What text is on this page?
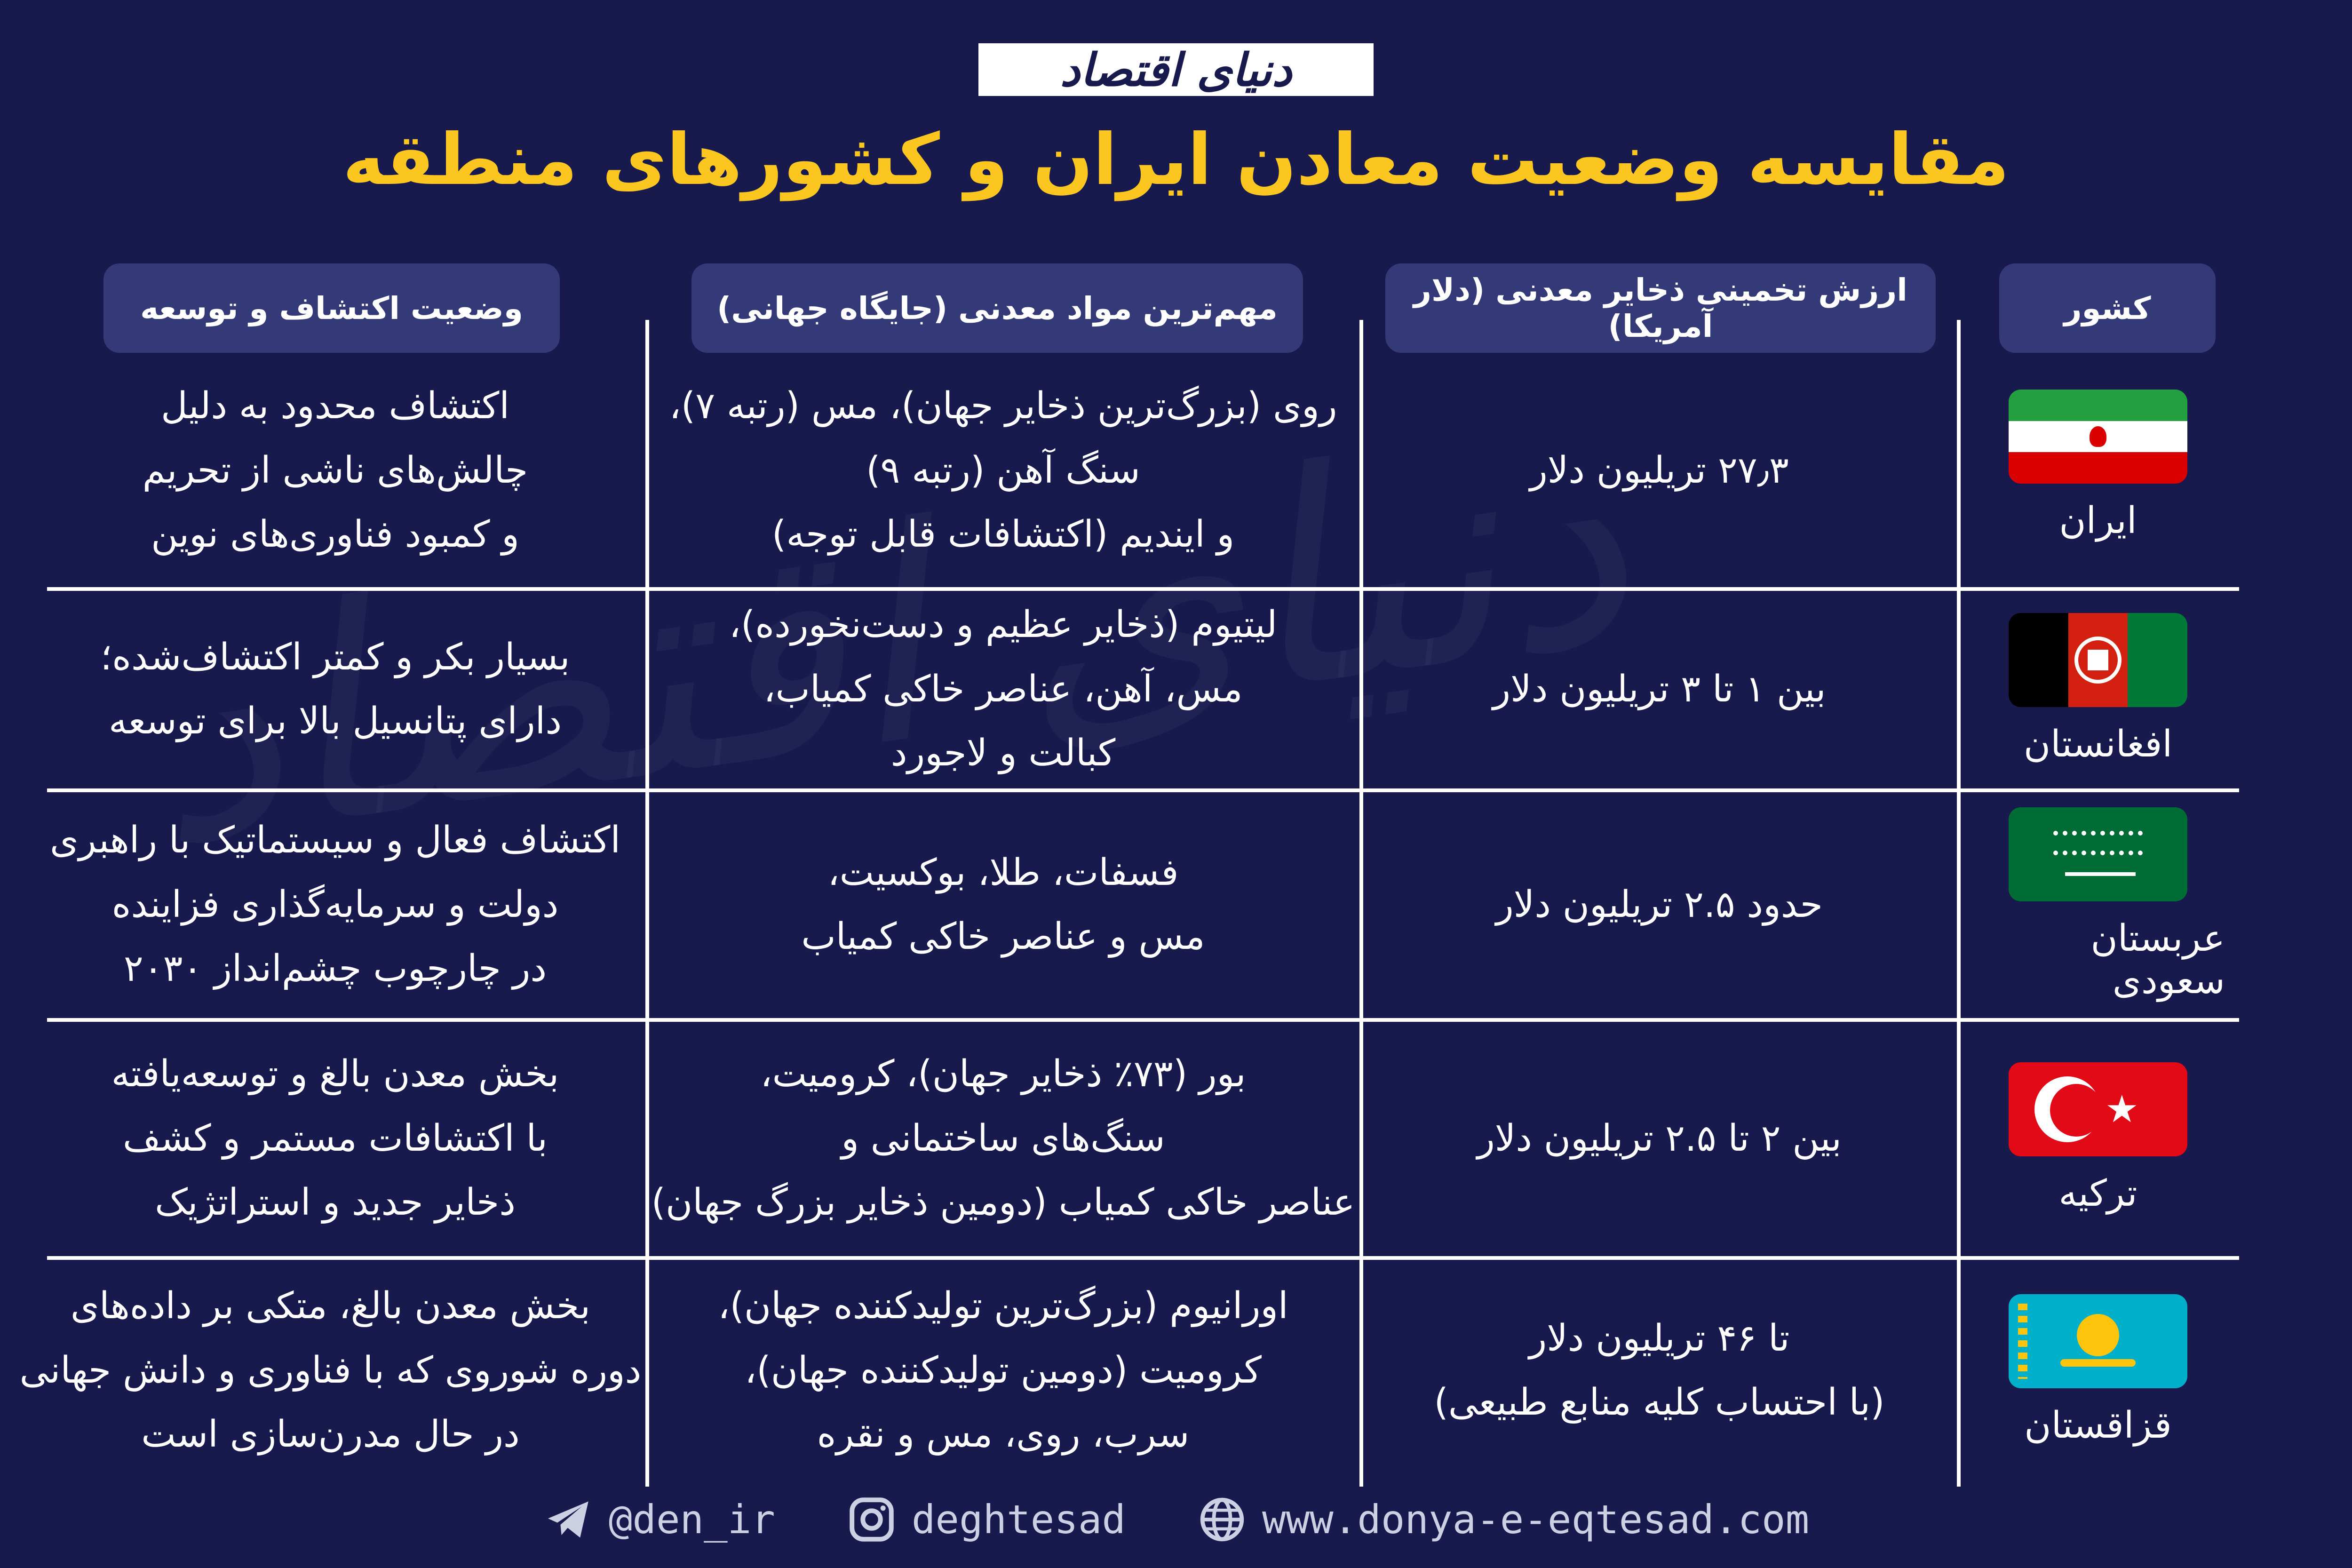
دنیای اقتصاد
مقایسه وضعیت معادن ایران و کشورهای منطقه
کشور
ارزش تخمینی ذخایر معدنی (دلار آمریکا)
مهم‌ترین مواد معدنی (جایگاه جهانی)
وضعیت اکتشاف و توسعه
ایران
۲۷٫۳ تریلیون دلار
روی (بزرگ‌ترین ذخایر جهان)، مس (رتبه ۷)،
سنگ آهن (رتبه ۹)
و ایندیم (اکتشافات قابل توجه)
اکتشاف محدود به دلیل
چالش‌های ناشی از تحریم
و کمبود فناوری‌های نوین
افغانستان
بین ۱ تا ۳ تریلیون دلار
لیتیوم (ذخایر عظیم و دست‌نخورده)،
مس، آهن، عناصر خاکی کمیاب،
کبالت و لاجورد
بسیار بکر و کمتر اکتشاف‌شده؛
دارای پتانسیل بالا برای توسعه
عربستان سعودی
حدود ۲.۵ تریلیون دلار
فسفات، طلا، بوکسیت،
مس و عناصر خاکی کمیاب
اکتشاف فعال و سیستماتیک با راهبری
دولت و سرمایه‌گذاری فزاینده
در چارچوب چشم‌انداز ۲۰۳۰
★
ترکیه
بین ۲ تا ۲.۵ تریلیون دلار
بور (۷۳٪ ذخایر جهان)، کرومیت،
سنگ‌های ساختمانی و
عناصر خاکی کمیاب (دومین ذخایر بزرگ جهان)
بخش معدن بالغ و توسعه‌یافته
با اکتشافات مستمر و کشف
ذخایر جدید و استراتژیک
قزاقستان
تا ۴۶ تریلیون دلار
(با احتساب کلیه منابع طبیعی)
اورانیوم (بزرگ‌ترین تولیدکننده جهان)،
کرومیت (دومین تولیدکننده جهان)،
سرب، روی، مس و نقره
بخش معدن بالغ، متکی بر داده‌های
دوره شوروی که با فناوری و دانش جهانی
در حال مدرن‌سازی است
@den_ir	deghtesad	www.donya-e-eqtesad.com
